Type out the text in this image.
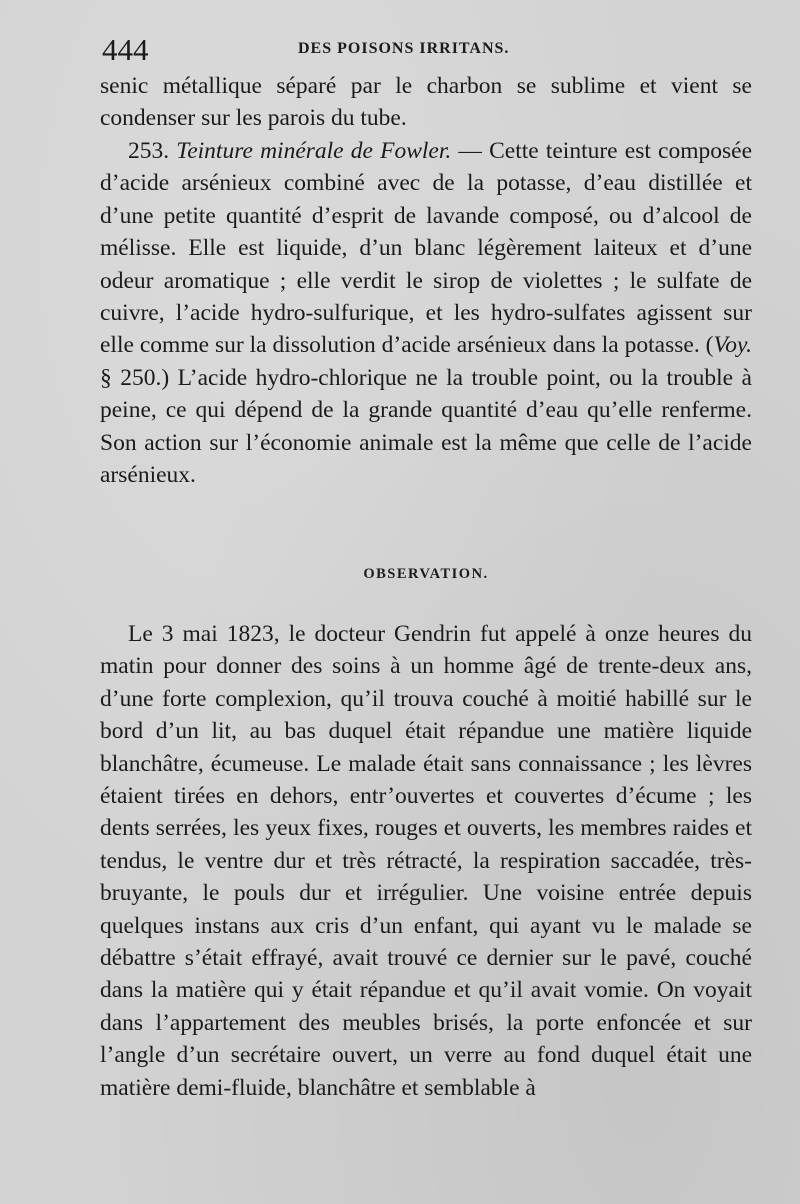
444	DES POISONS IRRITANS.

senic métallique séparé par le charbon se sublime et vient se condenser sur les parois du tube.

253. Teinture minérale de Fowler. — Cette teinture est composée d’acide arsénieux combiné avec de la potasse, d’eau distillée et d’une petite quantité d’esprit de lavande composé, ou d’alcool de mélisse. Elle est liquide, d’un blanc légèrement laiteux et d’une odeur aromatique ; elle verdit le sirop de violettes ; le sulfate de cuivre, l’acide hydro-sulfurique, et les hydro-sulfates agissent sur elle comme sur la dissolution d’acide arsénieux dans la potasse. (Voy. § 250.) L’acide hydro-chlorique ne la trouble point, ou la trouble à peine, ce qui dépend de la grande quantité d’eau qu’elle renferme. Son action sur l’économie animale est la même que celle de l’acide arsénieux.

OBSERVATION.

Le 3 mai 1823, le docteur Gendrin fut appelé à onze heures du matin pour donner des soins à un homme âgé de trente-deux ans, d’une forte complexion, qu’il trouva couché à moitié habillé sur le bord d’un lit, au bas duquel était répandue une matière liquide blanchâtre, écumeuse. Le malade était sans connaissance ; les lèvres étaient tirées en dehors, entr’ouvertes et couvertes d’écume ; les dents serrées, les yeux fixes, rouges et ouverts, les membres raides et tendus, le ventre dur et très rétracté, la respiration saccadée, très-bruyante, le pouls dur et irrégulier. Une voisine entrée depuis quelques instans aux cris d’un enfant, qui ayant vu le malade se débattre s’était effrayé, avait trouvé ce dernier sur le pavé, couché dans la matière qui y était répandue et qu’il avait vomie. On voyait dans l’appartement des meubles brisés, la porte enfoncée et sur l’angle d’un secrétaire ouvert, un verre au fond duquel était une matière demi-fluide, blanchâtre et semblable à
